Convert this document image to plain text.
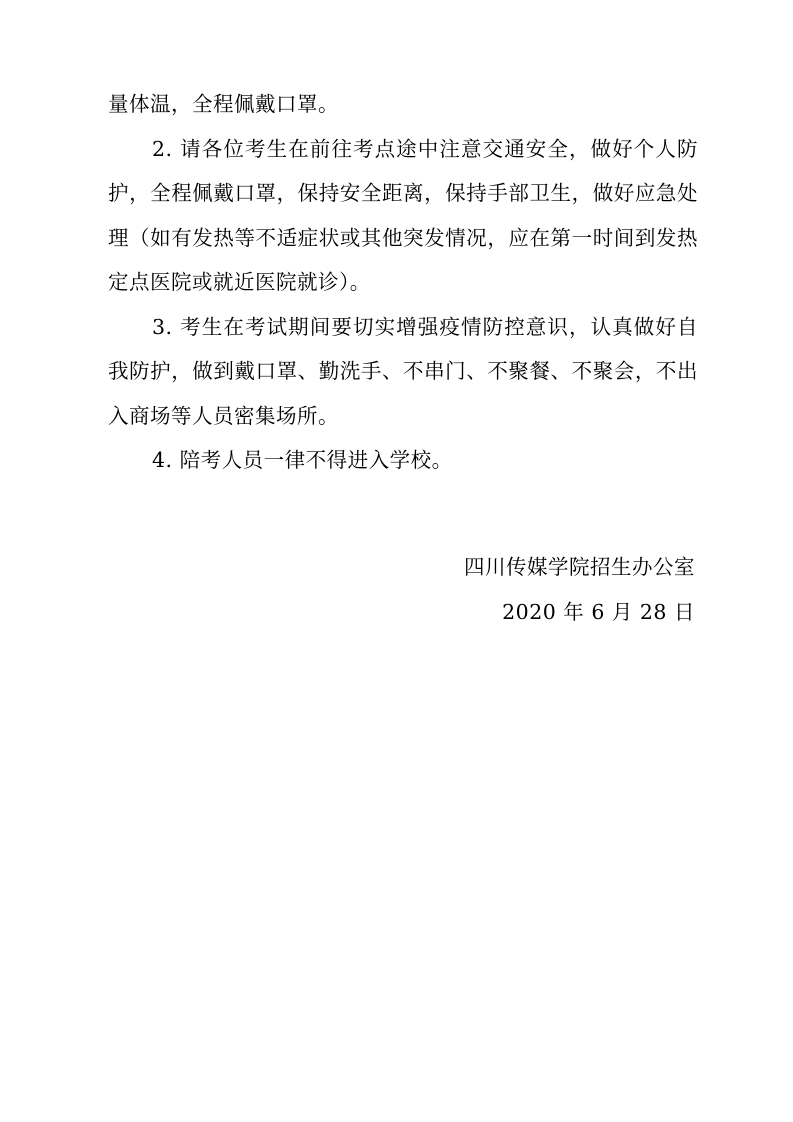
量体温，全程佩戴口罩。

2. 请各位考生在前往考点途中注意交通安全，做好个人防护，全程佩戴口罩，保持安全距离，保持手部卫生，做好应急处理（如有发热等不适症状或其他突发情况，应在第一时间到发热定点医院或就近医院就诊）。

3. 考生在考试期间要切实增强疫情防控意识，认真做好自我防护，做到戴口罩、勤洗手、不串门、不聚餐、不聚会，不出入商场等人员密集场所。

4. 陪考人员一律不得进入学校。

四川传媒学院招生办公室
2020 年 6 月 28 日
